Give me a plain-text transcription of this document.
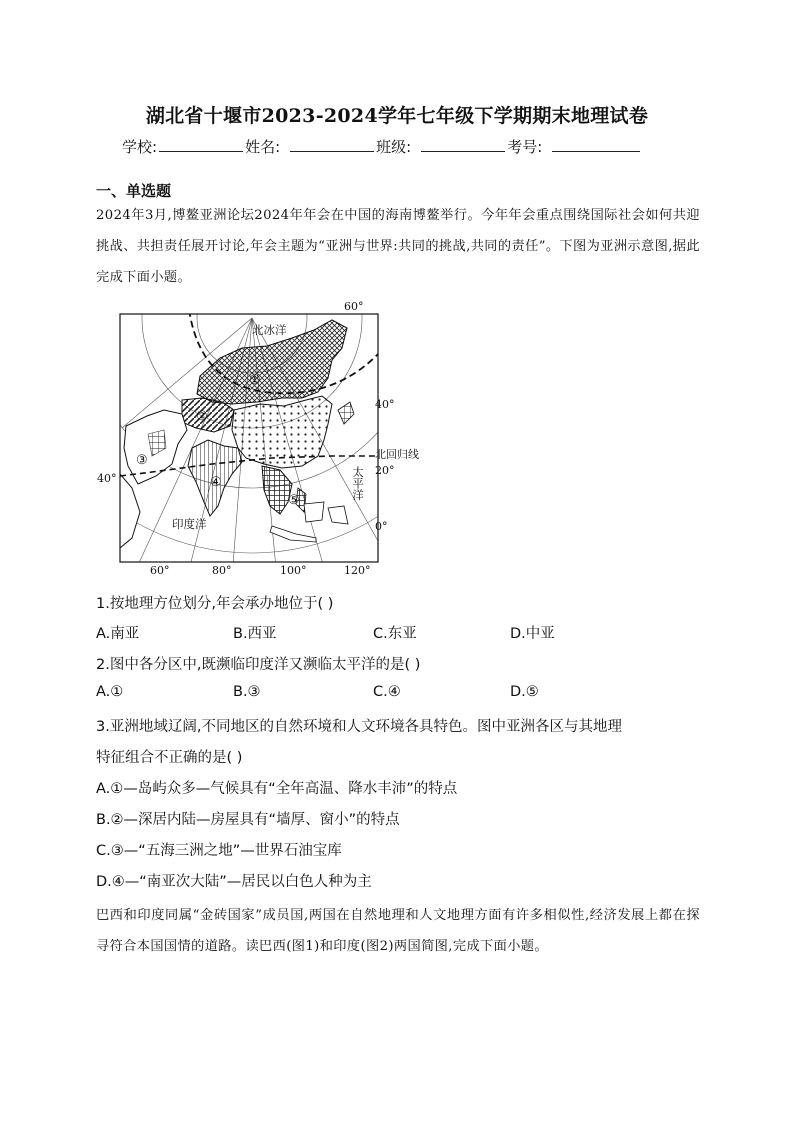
湖北省十堰市2023-2024学年七年级下学期期末地理试卷
学校:	姓名:	班级:	考号:
一、单选题
2024年3月,博鳌亚洲论坛2024年年会在中国的海南博鳌举行。今年年会重点围绕国际社会如何共迎挑战、共担责任展开讨论,年会主题为“亚洲与世界:共同的挑战,共同的责任”。下图为亚洲示意图,据此完成下面小题。
60°
北冰洋
①
②
③
④
⑤
40°
北回归线
20°
0°
40°
印度洋
60°	80°	100°	120°
太平洋
1.按地理方位划分,年会承办地位于( )
A.南亚	B.西亚	C.东亚	D.中亚
2.图中各分区中,既濒临印度洋又濒临太平洋的是( )
A.①	B.③	C.④	D.⑤
3.亚洲地域辽阔,不同地区的自然环境和人文环境各具特色。图中亚洲各区与其地理
特征组合不正确的是( )
A.①—岛屿众多—气候具有“全年高温、降水丰沛”的特点
B.②—深居内陆—房屋具有“墙厚、窗小”的特点
C.③—“五海三洲之地”—世界石油宝库
D.④—“南亚次大陆”—居民以白色人种为主
巴西和印度同属“金砖国家”成员国,两国在自然地理和人文地理方面有许多相似性,经济发展上都在探寻符合本国国情的道路。读巴西(图1)和印度(图2)两国简图,完成下面小题。
